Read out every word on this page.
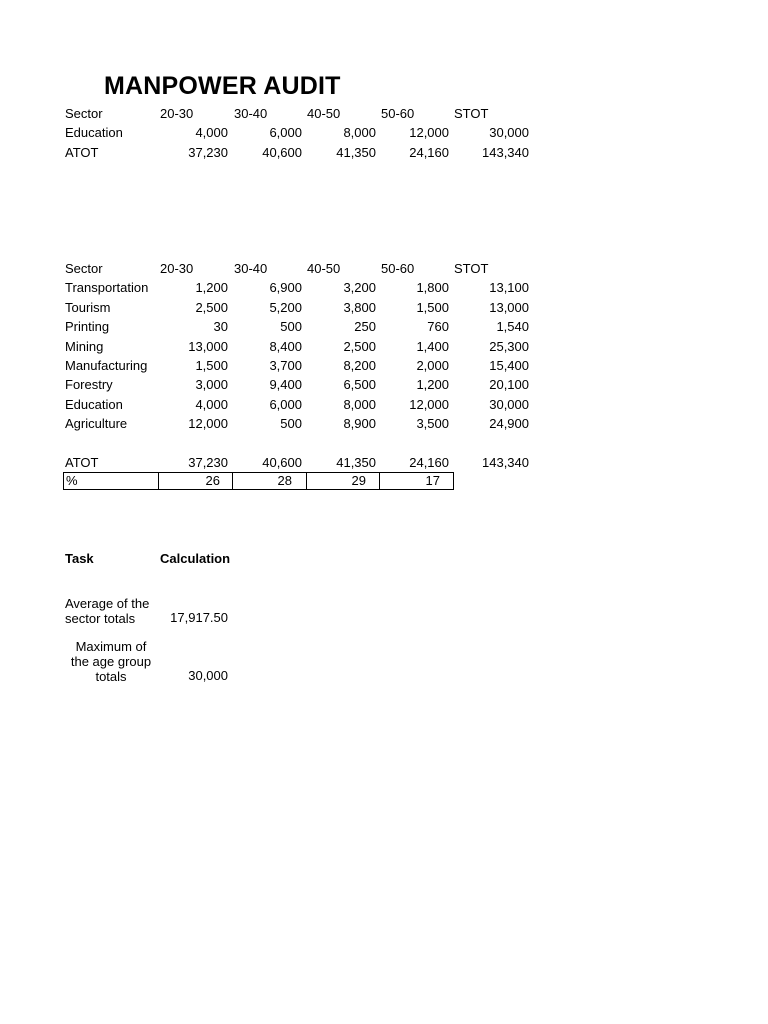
MANPOWER AUDIT
Sector	20-30	30-40	40-50	50-60	STOT
Education	4,000	6,000	8,000	12,000	30,000
ATOT	37,230	40,600	41,350	24,160	143,340
Sector	20-30	30-40	40-50	50-60	STOT
Transportation	1,200	6,900	3,200	1,800	13,100
Tourism	2,500	5,200	3,800	1,500	13,000
Printing	30	500	250	760	1,540
Mining	13,000	8,400	2,500	1,400	25,300
Manufacturing	1,500	3,700	8,200	2,000	15,400
Forestry	3,000	9,400	6,500	1,200	20,100
Education	4,000	6,000	8,000	12,000	30,000
Agriculture	12,000	500	8,900	3,500	24,900
ATOT	37,230	40,600	41,350	24,160	143,340
%	26	28	29	17
Task	Calculation
Average of the
sector totals	17,917.50
Maximum of
the age group
totals	30,000
